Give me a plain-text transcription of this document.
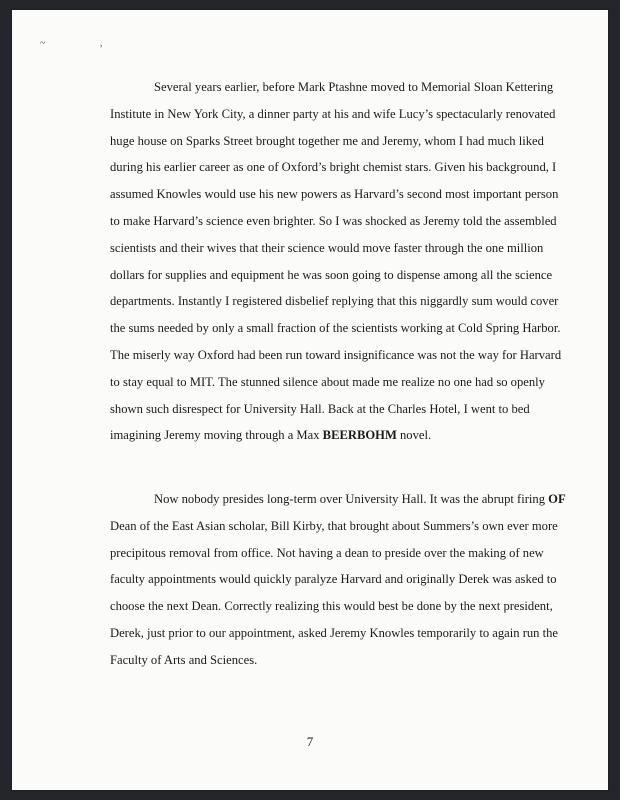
~ ,
Several years earlier, before Mark Ptashne moved to Memorial Sloan Kettering
Institute in New York City, a dinner party at his and wife Lucy’s spectacularly renovated
huge house on Sparks Street brought together me and Jeremy, whom I had much liked
during his earlier career as one of Oxford’s bright chemist stars. Given his background, I
assumed Knowles would use his new powers as Harvard’s second most important person
to make Harvard’s science even brighter. So I was shocked as Jeremy told the assembled
scientists and their wives that their science would move faster through the one million
dollars for supplies and equipment he was soon going to dispense among all the science
departments. Instantly I registered disbelief replying that this niggardly sum would cover
the sums needed by only a small fraction of the scientists working at Cold Spring Harbor.
The miserly way Oxford had been run toward insignificance was not the way for Harvard
to stay equal to MIT. The stunned silence about made me realize no one had so openly
shown such disrespect for University Hall. Back at the Charles Hotel, I went to bed
imagining Jeremy moving through a Max BEERBOHM novel.
Now nobody presides long-term over University Hall. It was the abrupt firing OF
Dean of the East Asian scholar, Bill Kirby, that brought about Summers’s own ever more
precipitous removal from office. Not having a dean to preside over the making of new
faculty appointments would quickly paralyze Harvard and originally Derek was asked to
choose the next Dean. Correctly realizing this would best be done by the next president,
Derek, just prior to our appointment, asked Jeremy Knowles temporarily to again run the
Faculty of Arts and Sciences.
7
